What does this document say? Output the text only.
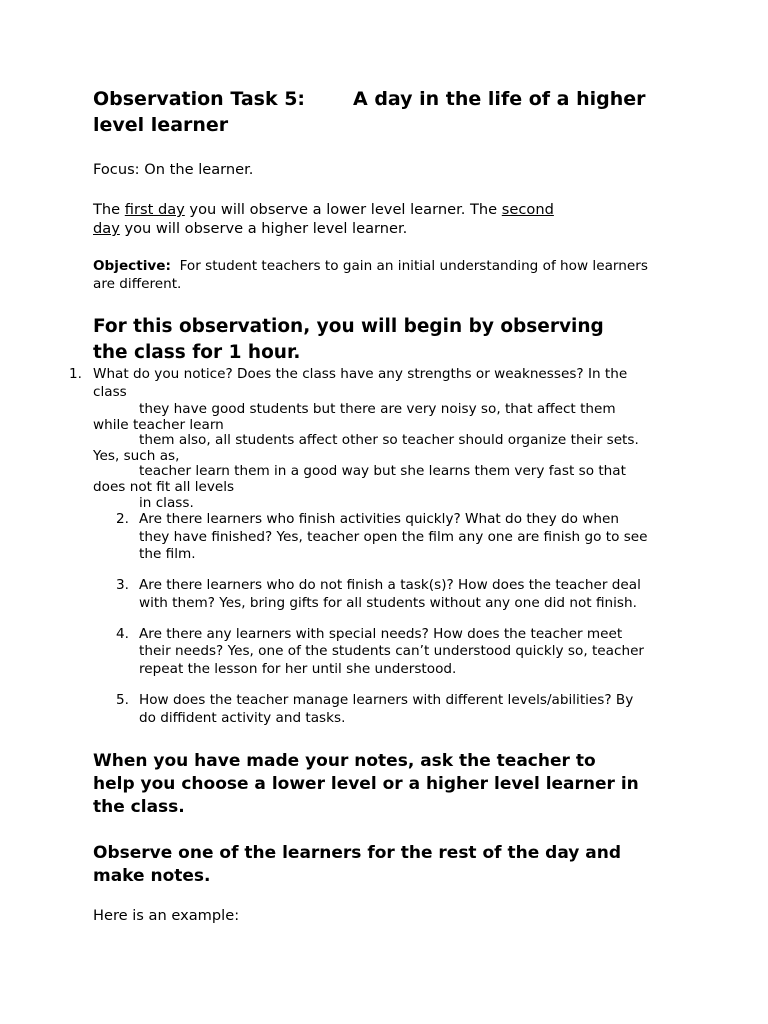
Observation Task 5:	A day in the life of a higher
level learner
Focus: On the learner.
The first day you will observe a lower level learner. The second
day you will observe a higher level learner.
Objective: For student teachers to gain an initial understanding of how learners
are different.
For this observation, you will begin by observing
the class for 1 hour.
1. What do you notice? Does the class have any strengths or weaknesses? In the
class
they have good students but there are very noisy so, that affect them
while teacher learn
them also, all students affect other so teacher should organize their sets.
Yes, such as,
teacher learn them in a good way but she learns them very fast so that
does not fit all levels
in class.
2. Are there learners who finish activities quickly? What do they do when
they have finished? Yes, teacher open the film any one are finish go to see
the film.
3. Are there learners who do not finish a task(s)? How does the teacher deal
with them? Yes, bring gifts for all students without any one did not finish.
4. Are there any learners with special needs? How does the teacher meet
their needs? Yes, one of the students can’t understood quickly so, teacher
repeat the lesson for her until she understood.
5. How does the teacher manage learners with different levels/abilities? By
do diffident activity and tasks.
When you have made your notes, ask the teacher to
help you choose a lower level or a higher level learner in
the class.
Observe one of the learners for the rest of the day and
make notes.
Here is an example:
